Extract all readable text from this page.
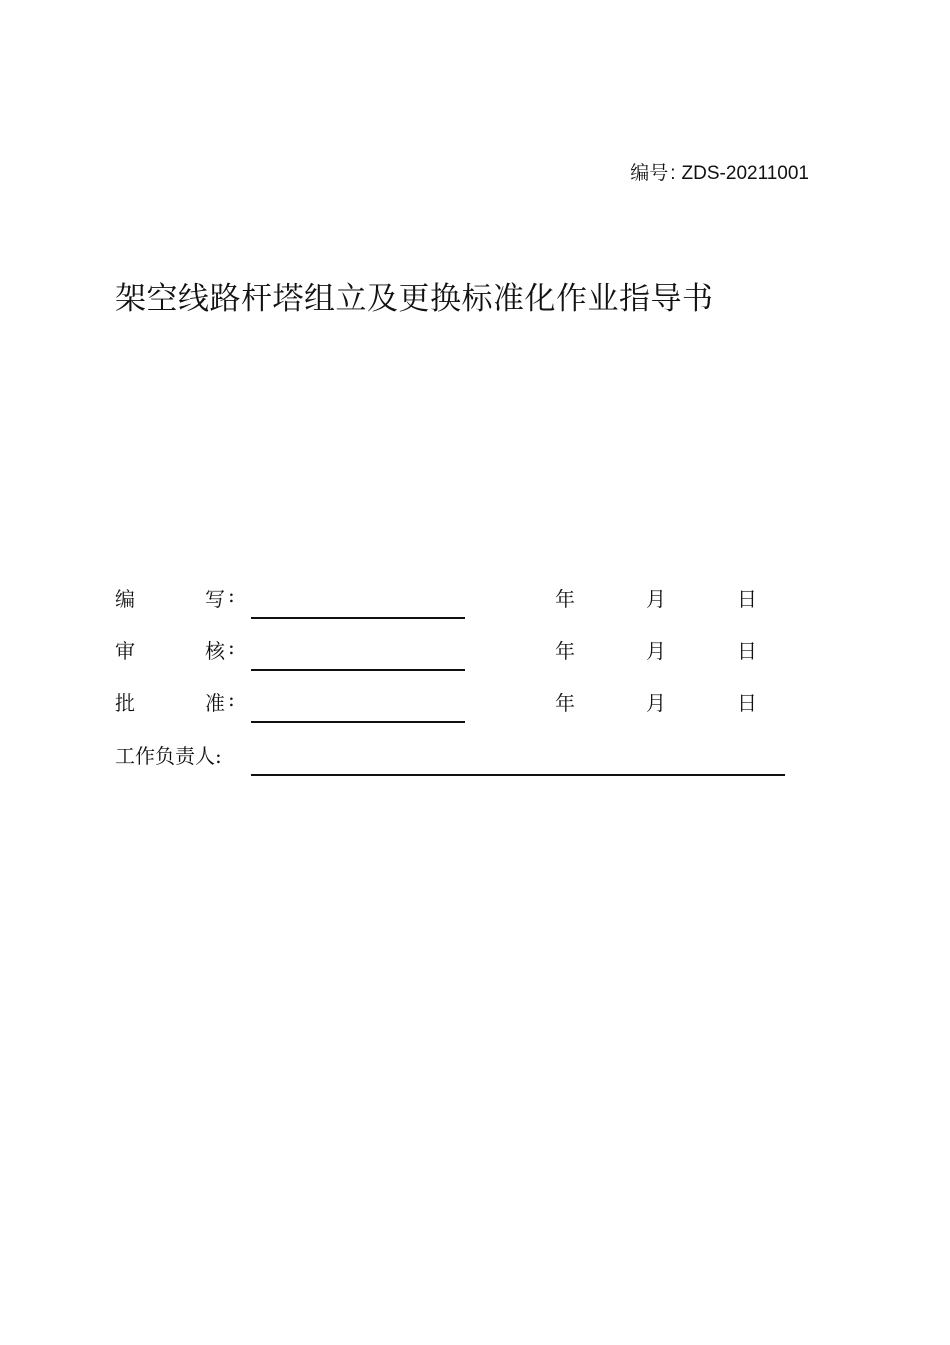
编号 : ZDS-20211001
架空线路杆塔组立及更换标准化作业指导书
编	写 :	年	月	日
审	核 :	年	月	日
批	准 :	年	月	日
工作负责人:
